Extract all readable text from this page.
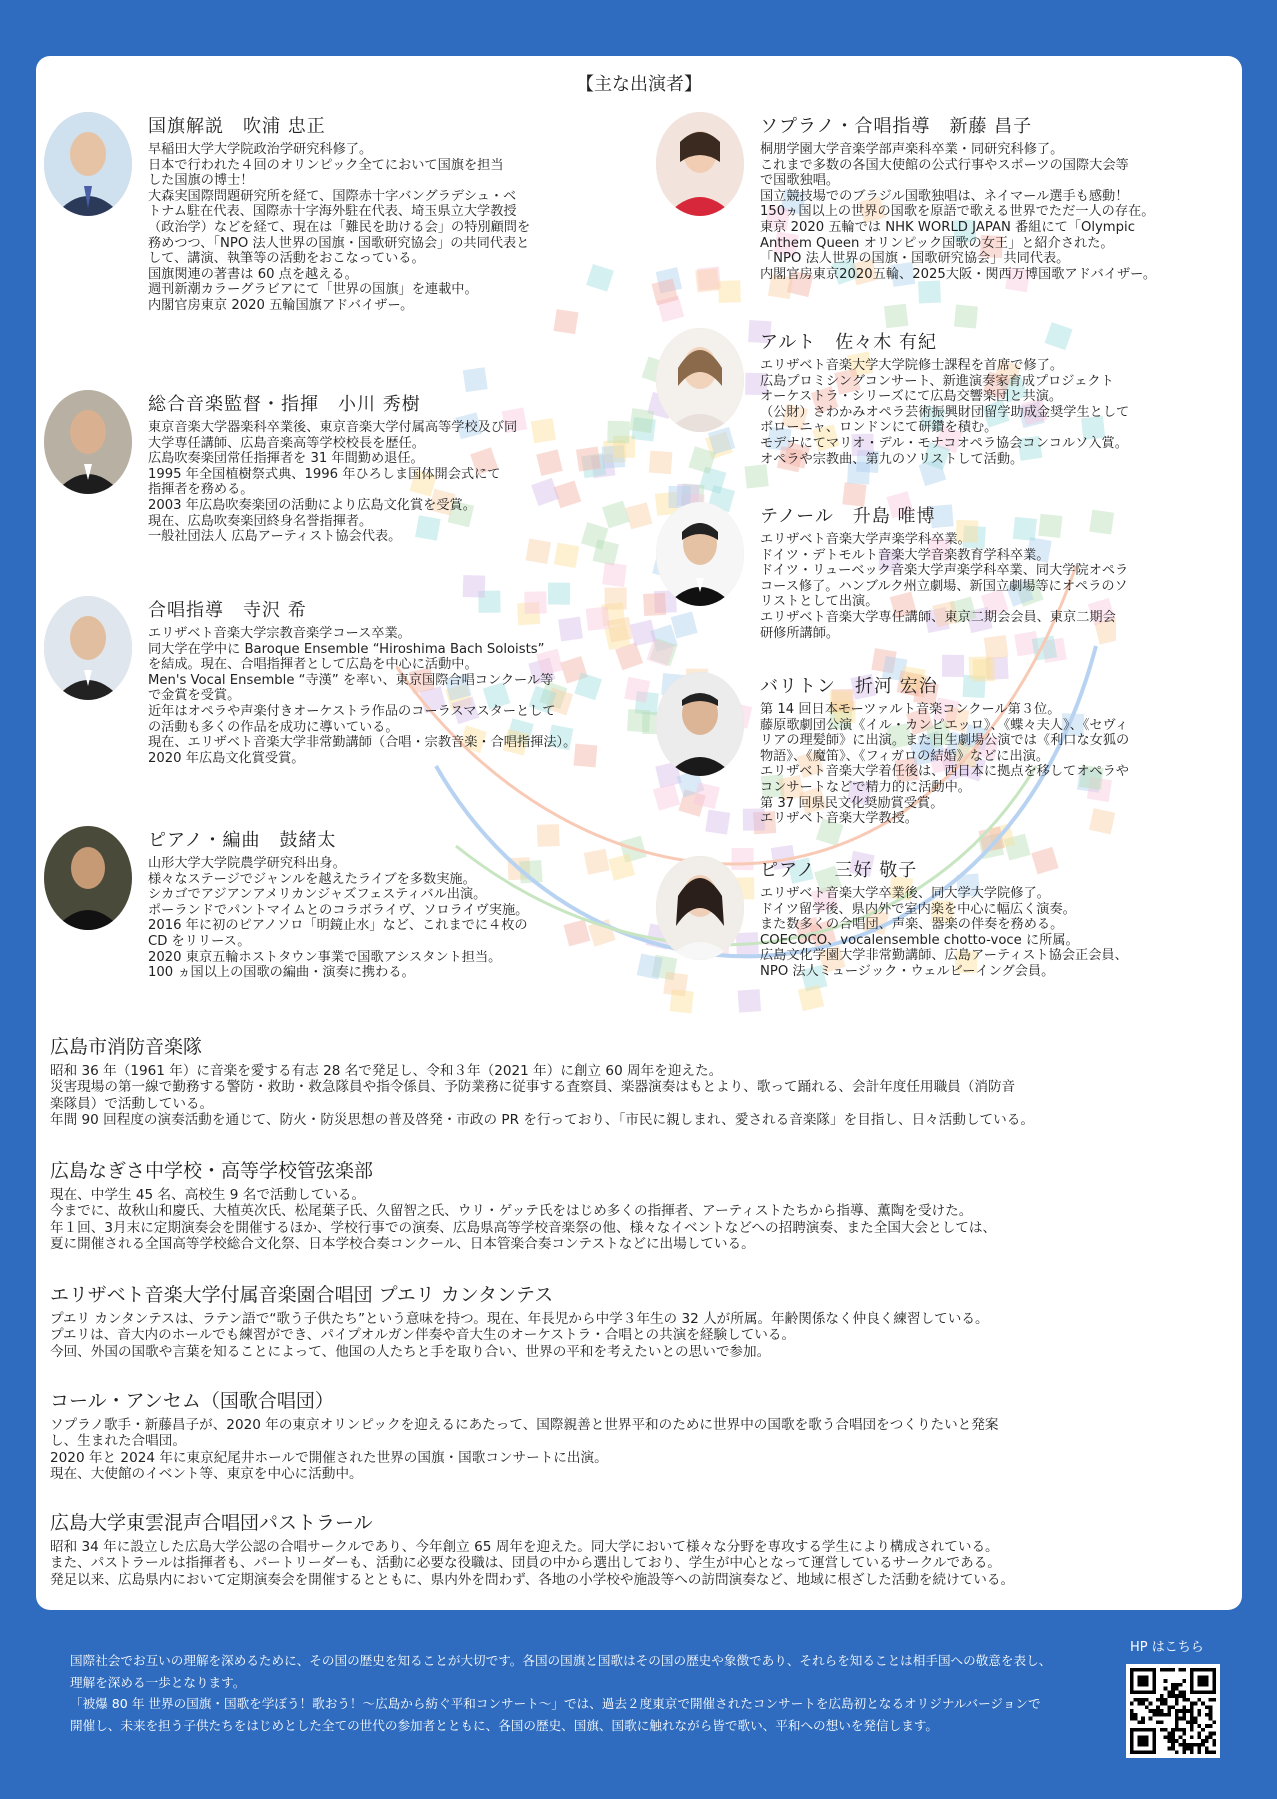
【主な出演者】
国旗解説　吹浦 忠正
早稲田大学大学院政治学研究科修了。
日本で行われた４回のオリンピック全てにおいて国旗を担当
した国旗の博士！
大森実国際問題研究所を経て、国際赤十字バングラデシュ・ベ
トナム駐在代表、国際赤十字海外駐在代表、埼玉県立大学教授
（政治学）などを経て、現在は「難民を助ける会」の特別顧問を
務めつつ、「NPO 法人世界の国旗・国歌研究協会」の共同代表と
して、講演、執筆等の活動をおこなっている。
国旗関連の著書は 60 点を越える。
週刊新潮カラーグラビアにて「世界の国旗」を連載中。
内閣官房東京 2020 五輪国旗アドバイザー。
総合音楽監督・指揮　小川 秀樹
東京音楽大学器楽科卒業後、東京音楽大学付属高等学校及び同
大学専任講師、広島音楽高等学校校長を歴任。
広島吹奏楽団常任指揮者を 31 年間勤め退任。
1995 年全国植樹祭式典、1996 年ひろしま国体開会式にて
指揮者を務める。
2003 年広島吹奏楽団の活動により広島文化賞を受賞。
現在、広島吹奏楽団終身名誉指揮者。
一般社団法人 広島アーティスト協会代表。
合唱指導　寺沢 希
エリザベト音楽大学宗教音楽学コース卒業。
同大学在学中に Baroque Ensemble “Hiroshima Bach Soloists”
を結成。現在、合唱指揮者として広島を中心に活動中。
Men's Vocal Ensemble “寺漢” を率い、東京国際合唱コンクール等
で金賞を受賞。
近年はオペラや声楽付きオーケストラ作品のコーラスマスターとして
の活動も多くの作品を成功に導いている。
現在、エリザベト音楽大学非常勤講師（合唱・宗教音楽・合唱指揮法）。
2020 年広島文化賞受賞。
ピアノ・編曲　鼓緒太
山形大学大学院農学研究科出身。
様々なステージでジャンルを越えたライブを多数実施。
シカゴでアジアンアメリカンジャズフェスティバル出演。
ポーランドでパントマイムとのコラボライヴ、ソロライヴ実施。
2016 年に初のピアノソロ「明鏡止水」など、これまでに４枚の
CD をリリース。
2020 東京五輪ホストタウン事業で国歌アシスタント担当。
100 ヵ国以上の国歌の編曲・演奏に携わる。
ソプラノ・合唱指導　新藤 昌子
桐朋学園大学音楽学部声楽科卒業・同研究科修了。
これまで多数の各国大使館の公式行事やスポーツの国際大会等
で国歌独唱。
国立競技場でのブラジル国歌独唱は、ネイマール選手も感動！
150ヵ国以上の世界の国歌を原語で歌える世界でただ一人の存在。
東京 2020 五輪では NHK WORLD JAPAN 番組にて「Olympic
Anthem Queen オリンピック国歌の女王」と紹介された。
「NPO 法人世界の国旗・国歌研究協会」共同代表。
内閣官房東京2020五輪、2025大阪・関西万博国歌アドバイザー。
アルト　佐々木 有紀
エリザベト音楽大学大学院修士課程を首席で修了。
広島プロミシングコンサート、新進演奏家育成プロジェクト
オーケストラ・シリーズにて広島交響楽団と共演。
（公財）さわかみオペラ芸術振興財団留学助成金奨学生として
ボローニャ、ロンドンにて研鑽を積む。
モデナにてマリオ・デル・モナコオペラ協会コンコルソ入賞。
オペラや宗教曲、第九のソリストして活動。
テノール　升島 唯博
エリザベト音楽大学声楽学科卒業。
ドイツ・デトモルト音楽大学音楽教育学科卒業。
ドイツ・リューベック音楽大学声楽学科卒業、同大学院オペラ
コース修了。ハンブルク州立劇場、新国立劇場等にオペラのソ
リストとして出演。
エリザベト音楽大学専任講師、東京二期会会員、東京二期会
研修所講師。
バリトン　折河 宏治
第 14 回日本モーツァルト音楽コンクール第３位。
藤原歌劇団公演《イル・カンピエッロ》、《蝶々夫人》、《セヴィ
リアの理髪師》に出演。また日生劇場公演では《利口な女狐の
物語》、《魔笛》、《フィガロの結婚》などに出演。
エリザベト音楽大学着任後は、西日本に拠点を移してオペラや
コンサートなどで精力的に活動中。
第 37 回県民文化奨励賞受賞。
エリザベト音楽大学教授。
ピアノ　三好 敬子
エリザベト音楽大学卒業後、同大学大学院修了。
ドイツ留学後、県内外で室内楽を中心に幅広く演奏。
また数多くの合唱団、声楽、器楽の伴奏を務める。
COECOCO、vocalensemble chotto-voce に所属。
広島文化学園大学非常勤講師、広島アーティスト協会正会員、
NPO 法人ミュージック・ウェルビーイング会員。
広島市消防音楽隊
昭和 36 年（1961 年）に音楽を愛する有志 28 名で発足し、令和３年（2021 年）に創立 60 周年を迎えた。
災害現場の第一線で勤務する警防・救助・救急隊員や指令係員、予防業務に従事する査察員、楽器演奏はもとより、歌って踊れる、会計年度任用職員（消防音
楽隊員）で活動している。
年間 90 回程度の演奏活動を通じて、防火・防災思想の普及啓発・市政の PR を行っており、「市民に親しまれ、愛される音楽隊」を目指し、日々活動している。
広島なぎさ中学校・高等学校管弦楽部
現在、中学生 45 名、高校生 9 名で活動している。
今までに、故秋山和慶氏、大植英次氏、松尾葉子氏、久留智之氏、ウリ・ゲッテ氏をはじめ多くの指揮者、アーティストたちから指導、薫陶を受けた。
年１回、3月末に定期演奏会を開催するほか、学校行事での演奏、広島県高等学校音楽祭の他、様々なイベントなどへの招聘演奏、また全国大会としては、
夏に開催される全国高等学校総合文化祭、日本学校合奏コンクール、日本管楽合奏コンテストなどに出場している。
エリザベト音楽大学付属音楽園合唱団 プエリ カンタンテス
プエリ カンタンテスは、ラテン語で“歌う子供たち”という意味を持つ。現在、年長児から中学３年生の 32 人が所属。年齢関係なく仲良く練習している。
プエリは、音大内のホールでも練習ができ、パイプオルガン伴奏や音大生のオーケストラ・合唱との共演を経験している。
今回、外国の国歌や言葉を知ることによって、他国の人たちと手を取り合い、世界の平和を考えたいとの思いで参加。
コール・アンセム（国歌合唱団）
ソプラノ歌手・新藤昌子が、2020 年の東京オリンピックを迎えるにあたって、国際親善と世界平和のために世界中の国歌を歌う合唱団をつくりたいと発案
し、生まれた合唱団。
2020 年と 2024 年に東京紀尾井ホールで開催された世界の国旗・国歌コンサートに出演。
現在、大使館のイベント等、東京を中心に活動中。
広島大学東雲混声合唱団パストラール
昭和 34 年に設立した広島大学公認の合唱サークルであり、今年創立 65 周年を迎えた。同大学において様々な分野を専攻する学生により構成されている。
また、パストラールは指揮者も、パートリーダーも、活動に必要な役職は、団員の中から選出しており、学生が中心となって運営しているサークルである。
発足以来、広島県内において定期演奏会を開催するとともに、県内外を問わず、各地の小学校や施設等への訪問演奏など、地域に根ざした活動を続けている。
国際社会でお互いの理解を深めるために、その国の歴史を知ることが大切です。各国の国旗と国歌はその国の歴史や象徴であり、それらを知ることは相手国への敬意を表し、
理解を深める一歩となります。
「被爆 80 年 世界の国旗・国歌を学ぼう！歌おう！～広島から紡ぐ平和コンサート～」では、過去２度東京で開催されたコンサートを広島初となるオリジナルバージョンで
開催し、未来を担う子供たちをはじめとした全ての世代の参加者とともに、各国の歴史、国旗、国歌に触れながら皆で歌い、平和への想いを発信します。
HP はこちら
